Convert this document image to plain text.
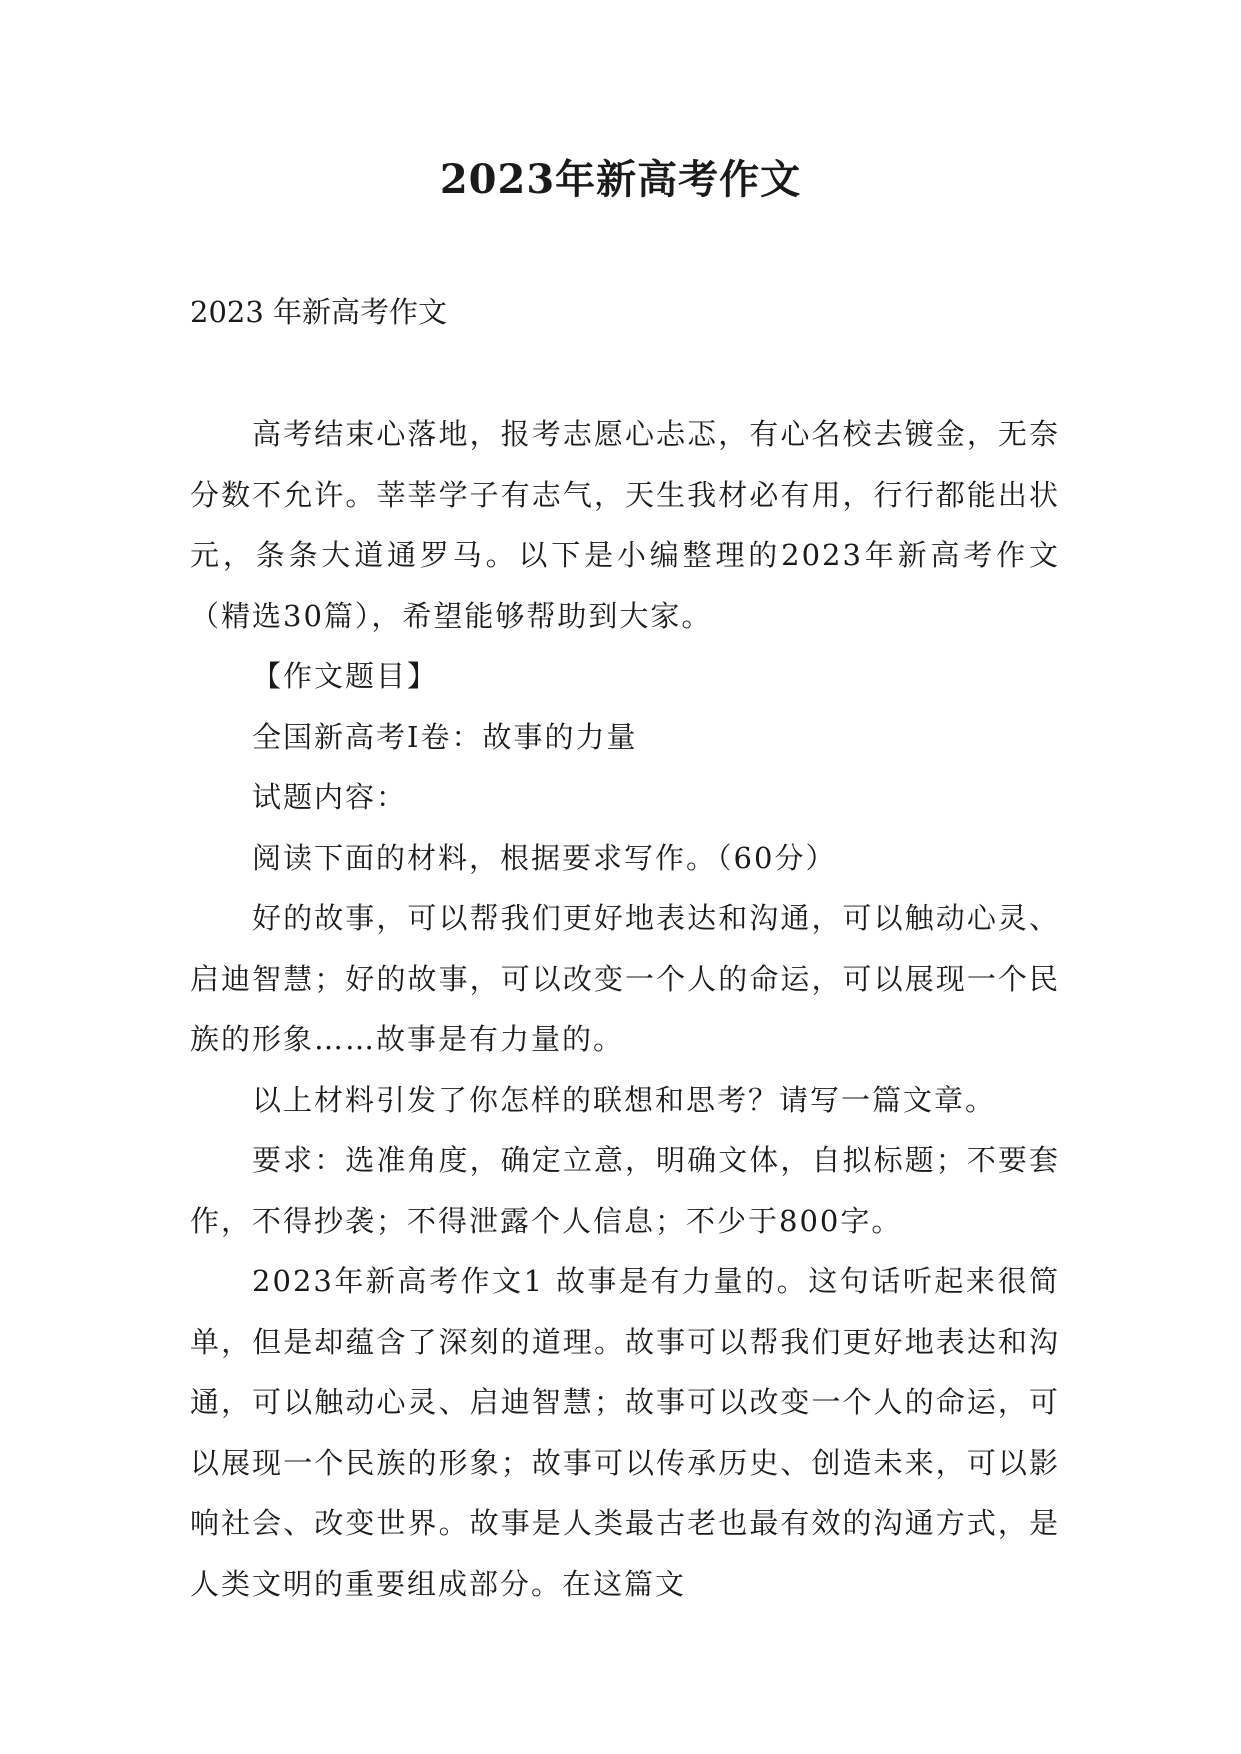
2023年新高考作文
2023 年新高考作文

高考结束心落地，报考志愿心忐忑，有心名校去镀金，无奈分数不允许。莘莘学子有志气，天生我材必有用，行行都能出状元，条条大道通罗马。以下是小编整理的2023年新高考作文（精选30篇），希望能够帮助到大家。

【作文题目】

全国新高考Ⅰ卷：故事的力量

试题内容：

阅读下面的材料，根据要求写作。（60分）

好的故事，可以帮我们更好地表达和沟通，可以触动心灵、启迪智慧；好的故事，可以改变一个人的命运，可以展现一个民族的形象……故事是有力量的。

以上材料引发了你怎样的联想和思考？请写一篇文章。

要求：选准角度，确定立意，明确文体，自拟标题；不要套作，不得抄袭；不得泄露个人信息；不少于800字。

2023年新高考作文1 故事是有力量的。这句话听起来很简单，但是却蕴含了深刻的道理。故事可以帮我们更好地表达和沟通，可以触动心灵、启迪智慧；故事可以改变一个人的命运，可以展现一个民族的形象；故事可以传承历史、创造未来，可以影响社会、改变世界。故事是人类最古老也最有效的沟通方式，是人类文明的重要组成部分。在这篇文
